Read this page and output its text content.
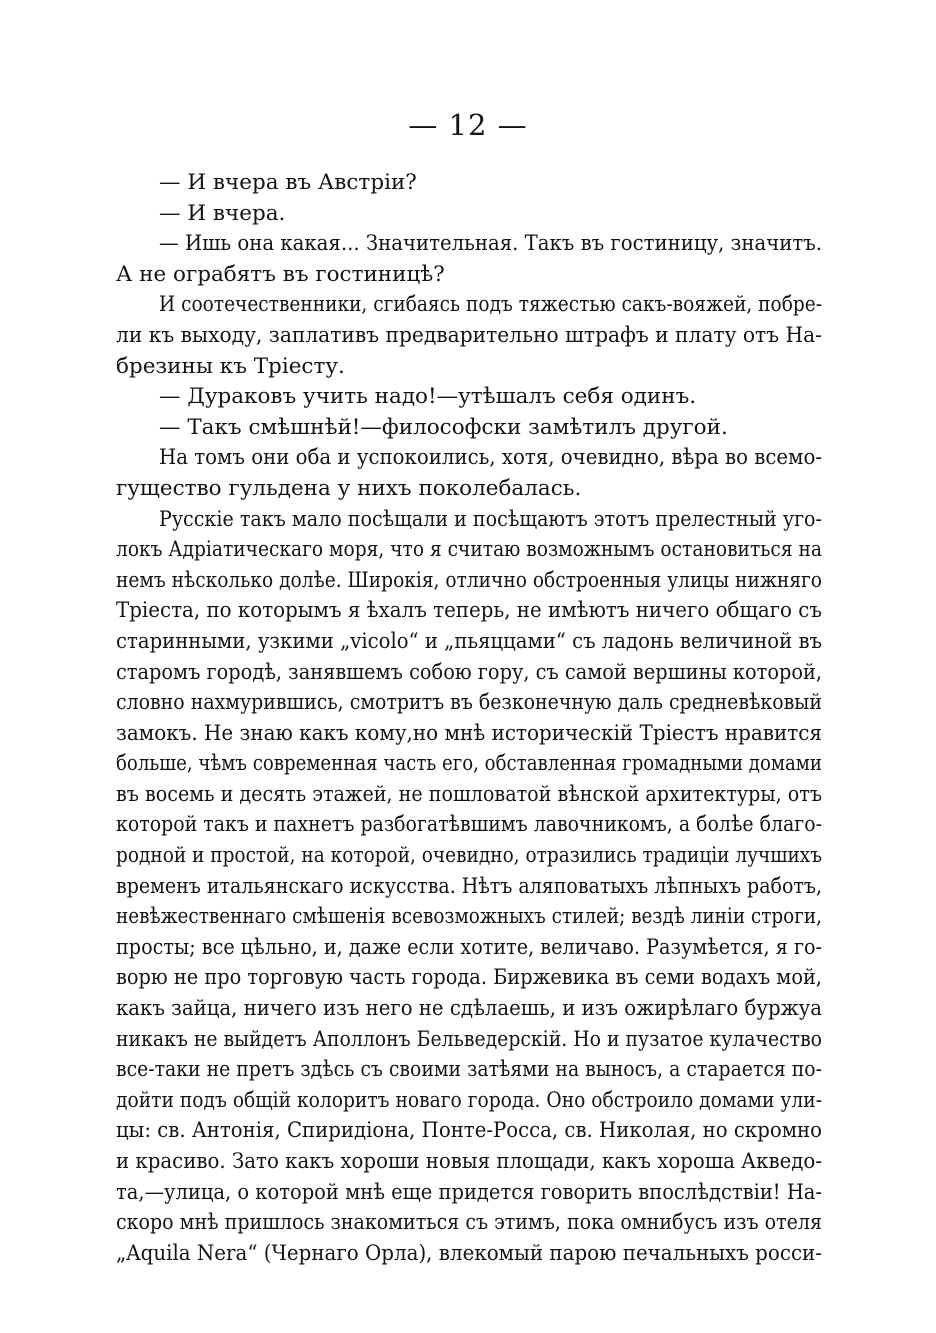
— 12 —
— И вчера въ Австріи?
— И вчера.
— Ишь она какая... Значительная. Такъ въ гостиницу, значитъ.
А не ограбятъ въ гостиницѣ?
И соотечественники, сгибаясь подъ тяжестью сакъ-вояжей, побре-
ли къ выходу, заплативъ предварительно штрафъ и плату отъ На-
брезины къ Тріесту.
— Дураковъ учить надо!—утѣшалъ себя одинъ.
— Такъ смѣшнѣй!—философски замѣтилъ другой.
На томъ они оба и успокоились, хотя, очевидно, вѣра во всемо-
гущество гульдена у нихъ поколебалась.
Русскіе такъ мало посѣщали и посѣщаютъ этотъ прелестный уго-
локъ Адріатическаго моря, что я считаю возможнымъ остановиться на
немъ нѣсколько долѣе. Широкія, отлично обстроенныя улицы нижняго
Тріеста, по которымъ я ѣхалъ теперь, не имѣютъ ничего общаго съ
старинными, узкими „vicolo“ и „пьяццами“ съ ладонь величиной въ
старомъ городѣ, занявшемъ собою гору, съ самой вершины которой,
словно нахмурившись, смотритъ въ безконечную даль средневѣковый
замокъ. Не знаю какъ кому,но мнѣ историческій Тріестъ нравится
больше, чѣмъ современная часть его, обставленная громадными домами
въ восемь и десять этажей, не пошловатой вѣнской архитектуры, отъ
которой такъ и пахнетъ разбогатѣвшимъ лавочникомъ, а болѣе благо-
родной и простой, на которой, очевидно, отразились традиціи лучшихъ
временъ итальянскаго искусства. Нѣтъ аляповатыхъ лѣпныхъ работъ,
невѣжественнаго смѣшенія всевозможныхъ стилей; вездѣ линіи строги,
просты; все цѣльно, и, даже если хотите, величаво. Разумѣется, я го-
ворю не про торговую часть города. Биржевика въ семи водахъ мой,
какъ зайца, ничего изъ него не сдѣлаешь, и изъ ожирѣлаго буржуа
никакъ не выйдетъ Аполлонъ Бельведерскій. Но и пузатое кулачество
все-таки не претъ здѣсь съ своими затѣями на выносъ, а старается по-
дойти подъ общій колоритъ новаго города. Оно обстроило домами ули-
цы: св. Антонія, Спиридіона, Понте-Росса, св. Николая, но скромно
и красиво. Зато какъ хороши новыя площади, какъ хороша Акведо-
та,—улица, о которой мнѣ еще придется говорить впослѣдствіи! На-
скоро мнѣ пришлось знакомиться съ этимъ, пока омнибусъ изъ отеля
„Aquila Nera“ (Чернаго Орла), влекомый парою печальныхъ росси-
